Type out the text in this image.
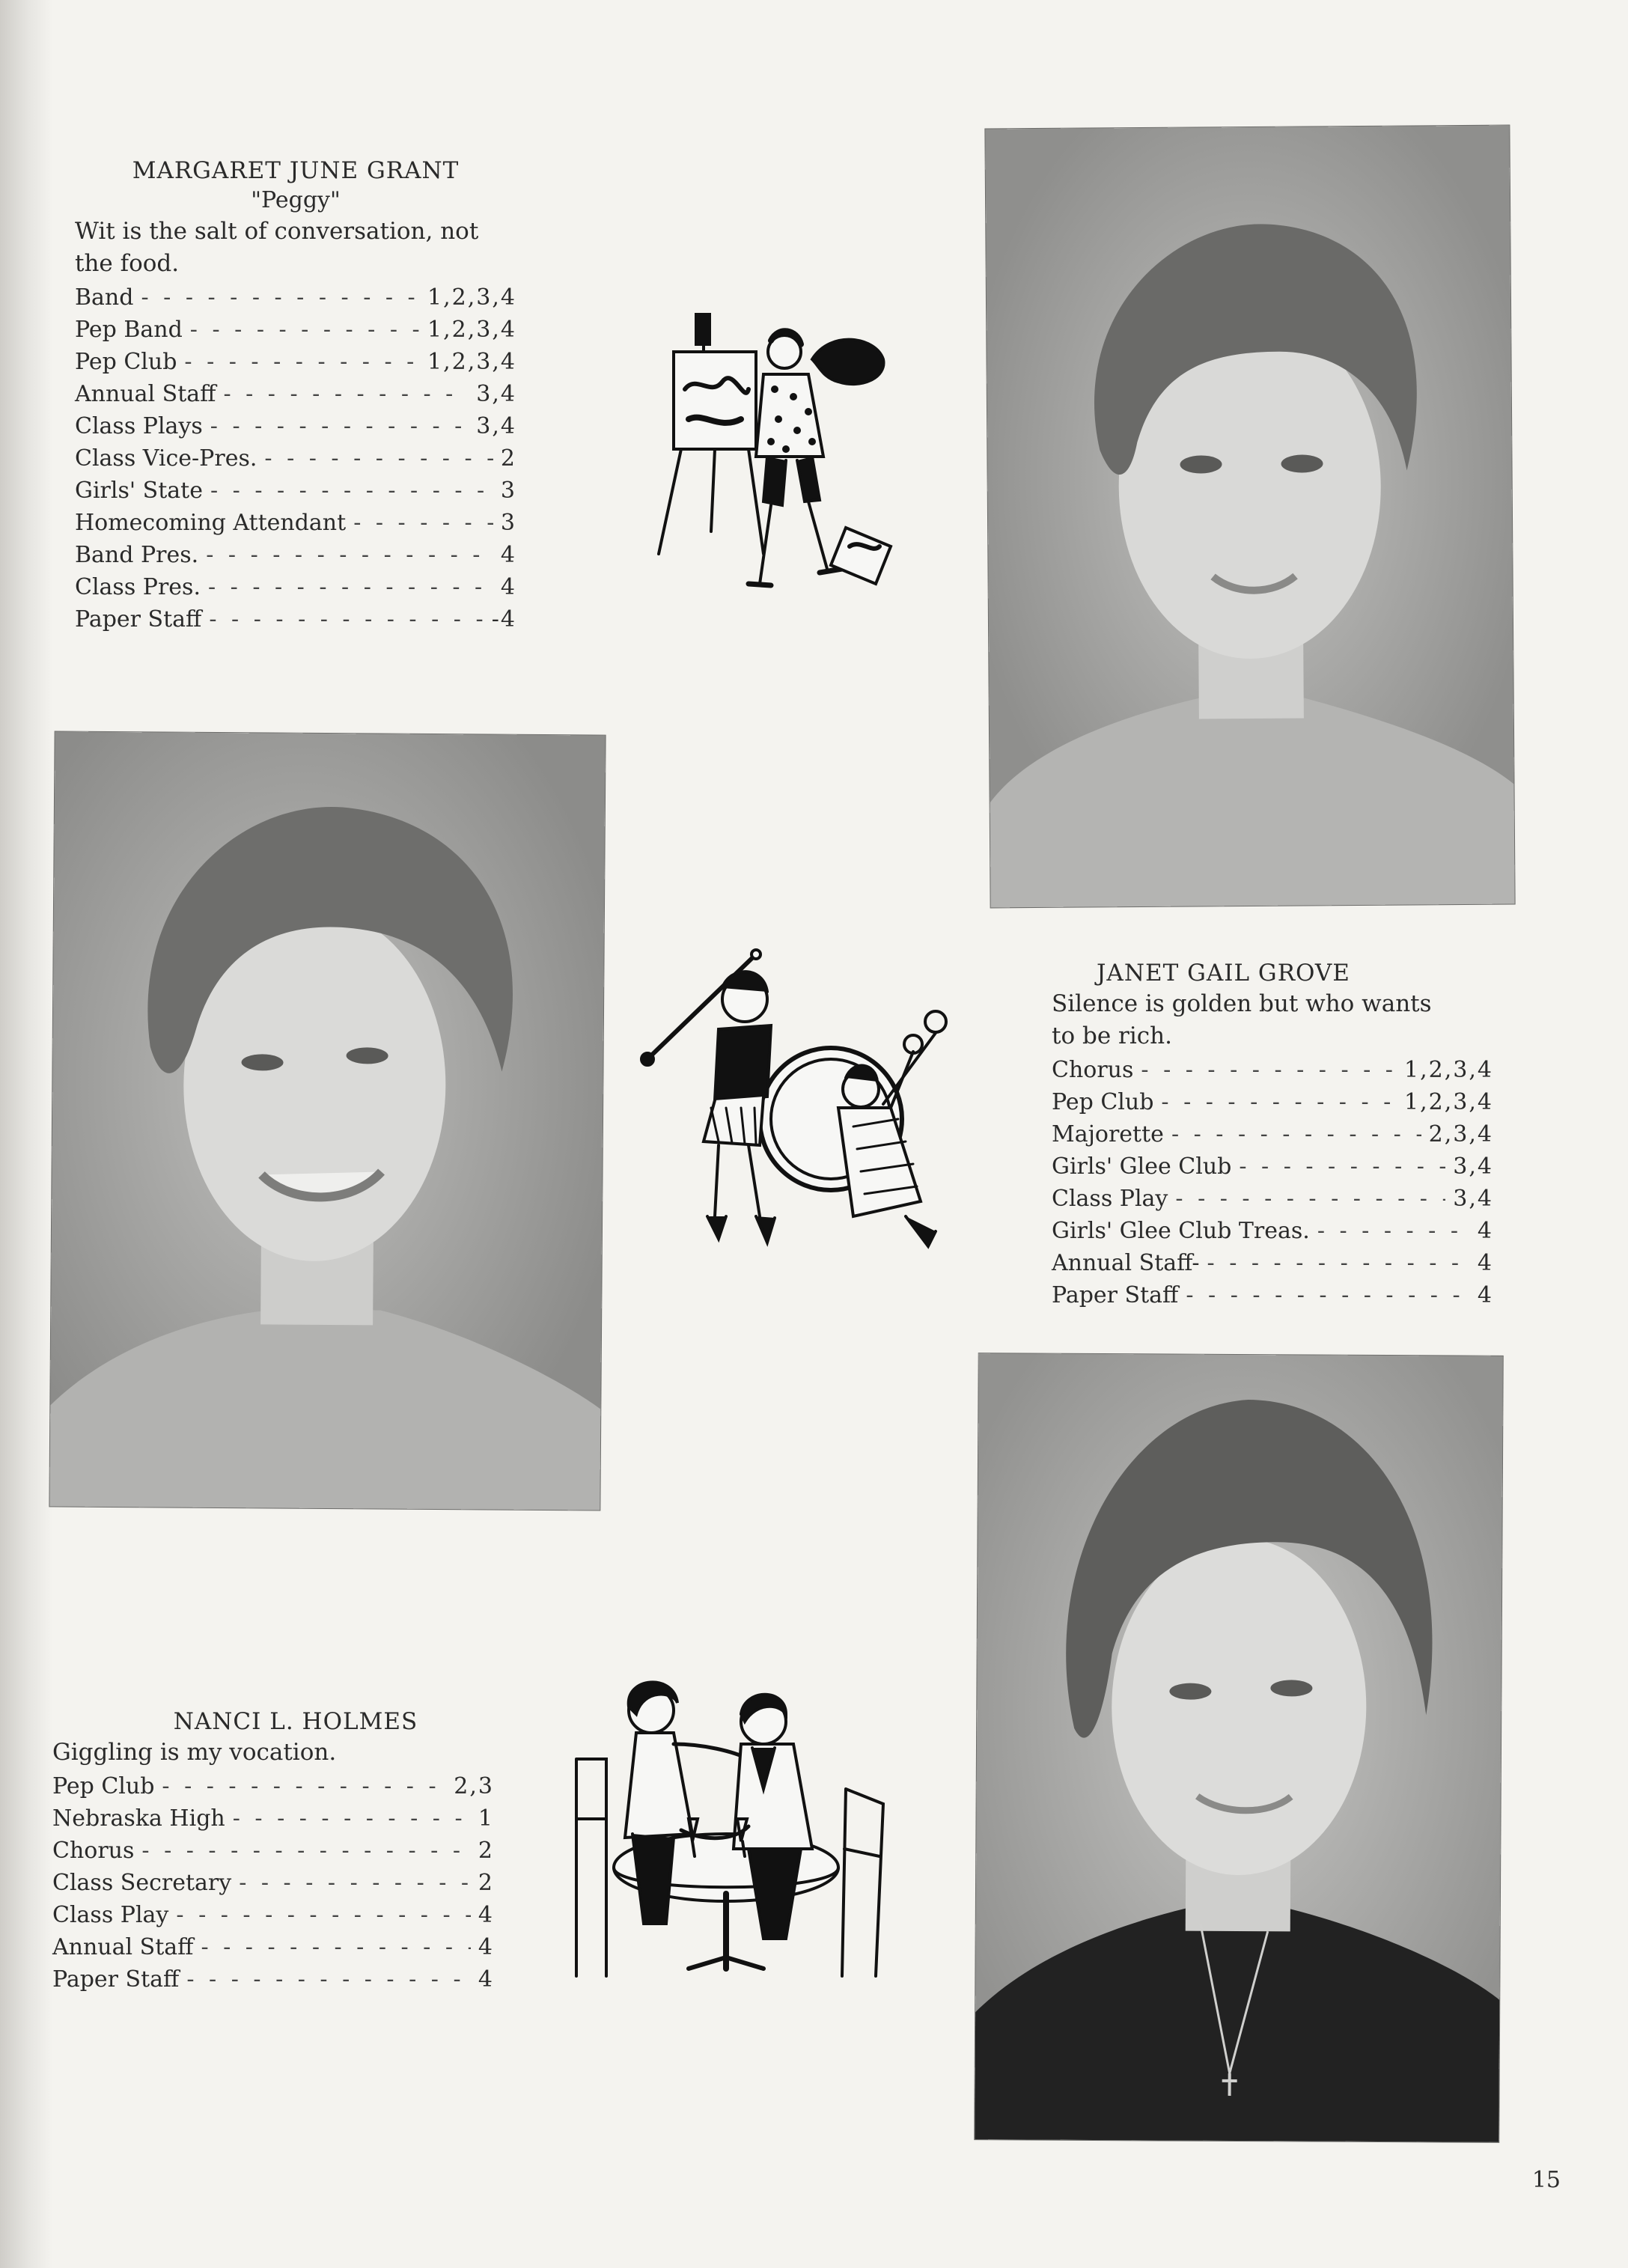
MARGARET JUNE GRANT
"Peggy"
Wit is the salt of conversation, not
the food.
Band - - -	1,2,3,4
Pep Band - - -	1,2,3,4
Pep Club - - -	1,2,3,4
Annual Staff - - -	3,4
Class Plays - - -	3,4
Class Vice-Pres. - - -	2
Girls' State - - -	3
Homecoming Attendant - - -	3
Band Pres. - - -	4
Class Pres. - - -	4
Paper Staff - - -	-4
JANET GAIL GROVE
Silence is golden but who wants
to be rich.
Chorus - - -	1,2,3,4
Pep Club - - -	1,2,3,4
Majorette - - -	2,3,4
Girls' Glee Club - - -	3,4
Class Play - - -	3,4
Girls' Glee Club Treas. - - -	4
Annual Staff- - - -	4
Paper Staff - - -	4
NANCI L. HOLMES
Giggling is my vocation.
Pep Club - - -	2,3
Nebraska High - - -	1
Chorus - - -	2
Class Secretary - - -	2
Class Play - - -	4
Annual Staff - - -	4
Paper Staff - - -	4
15
